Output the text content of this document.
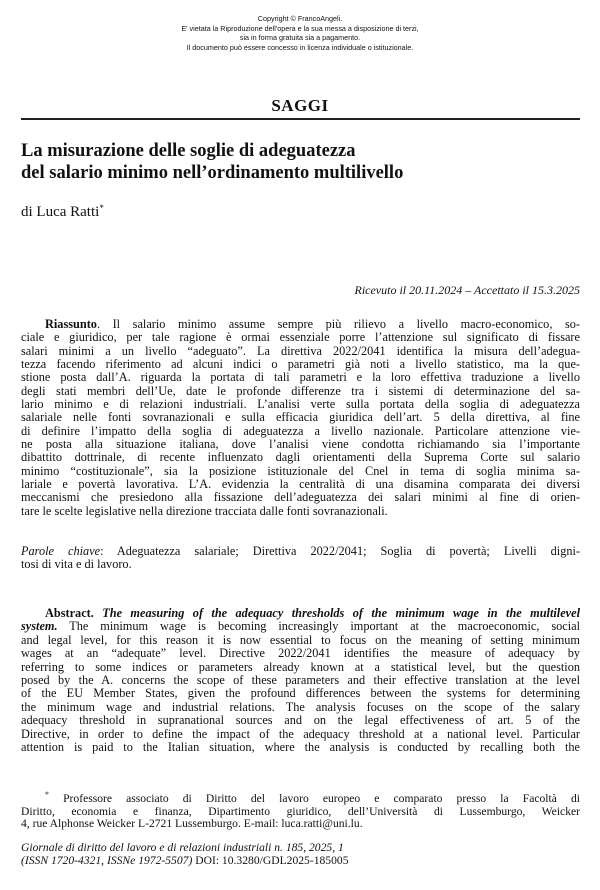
Copyright © FrancoAngeli.
E' vietata la Riproduzione dell'opera e la sua messa a disposizione di terzi,
sia in forma gratuita sia a pagamento.
Il documento può essere concesso in licenza individuale o istituzionale.
SAGGI
La misurazione delle soglie di adeguatezza
del salario minimo nell’ordinamento multilivello
di Luca Ratti*
Ricevuto il 20.11.2024 – Accettato il 15.3.2025
Riassunto. Il salario minimo assume sempre più rilievo a livello macro-economico, so-
ciale e giuridico, per tale ragione è ormai essenziale porre l’attenzione sul significato di fissare
salari minimi a un livello “adeguato”. La direttiva 2022/2041 identifica la misura dell’adegua-
tezza facendo riferimento ad alcuni indici o parametri già noti a livello statistico, ma la que-
stione posta dall’A. riguarda la portata di tali parametri e la loro effettiva traduzione a livello
degli stati membri dell’Ue, date le profonde differenze tra i sistemi di determinazione del sa-
lario minimo e di relazioni industriali. L’analisi verte sulla portata della soglia di adeguatezza
salariale nelle fonti sovranazionali e sulla efficacia giuridica dell’art. 5 della direttiva, al fine
di definire l’impatto della soglia di adeguatezza a livello nazionale. Particolare attenzione vie-
ne posta alla situazione italiana, dove l’analisi viene condotta richiamando sia l’importante
dibattito dottrinale, di recente influenzato dagli orientamenti della Suprema Corte sul salario
minimo “costituzionale”, sia la posizione istituzionale del Cnel in tema di soglia minima sa-
lariale e povertà lavorativa. L’A. evidenzia la centralità di una disamina comparata dei diversi
meccanismi che presiedono alla fissazione dell’adeguatezza dei salari minimi al fine di orien-
tare le scelte legislative nella direzione tracciata dalle fonti sovranazionali.
Parole chiave: Adeguatezza salariale; Direttiva 2022/2041; Soglia di povertà; Livelli digni-
tosi di vita e di lavoro.
Abstract. The measuring of the adequacy thresholds of the minimum wage in the multilevel
system. The minimum wage is becoming increasingly important at the macroeconomic, social
and legal level, for this reason it is now essential to focus on the meaning of setting minimum
wages at an “adequate” level. Directive 2022/2041 identifies the measure of adequacy by
referring to some indices or parameters already known at a statistical level, but the question
posed by the A. concerns the scope of these parameters and their effective translation at the level
of the EU Member States, given the profound differences between the systems for determining
the minimum wage and industrial relations. The analysis focuses on the scope of the salary
adequacy threshold in supranational sources and on the legal effectiveness of art. 5 of the
Directive, in order to define the impact of the adequacy threshold at a national level. Particular
attention is paid to the Italian situation, where the analysis is conducted by recalling both the
* Professore associato di Diritto del lavoro europeo e comparato presso la Facoltà di
Diritto, economia e finanza, Dipartimento giuridico, dell’Università di Lussemburgo, Weicker
4, rue Alphonse Weicker L-2721 Lussemburgo. E-mail: luca.ratti@uni.lu.
Giornale di diritto del lavoro e di relazioni industriali n. 185, 2025, 1
(ISSN 1720-4321, ISSNe 1972-5507) DOI: 10.3280/GDL2025-185005
